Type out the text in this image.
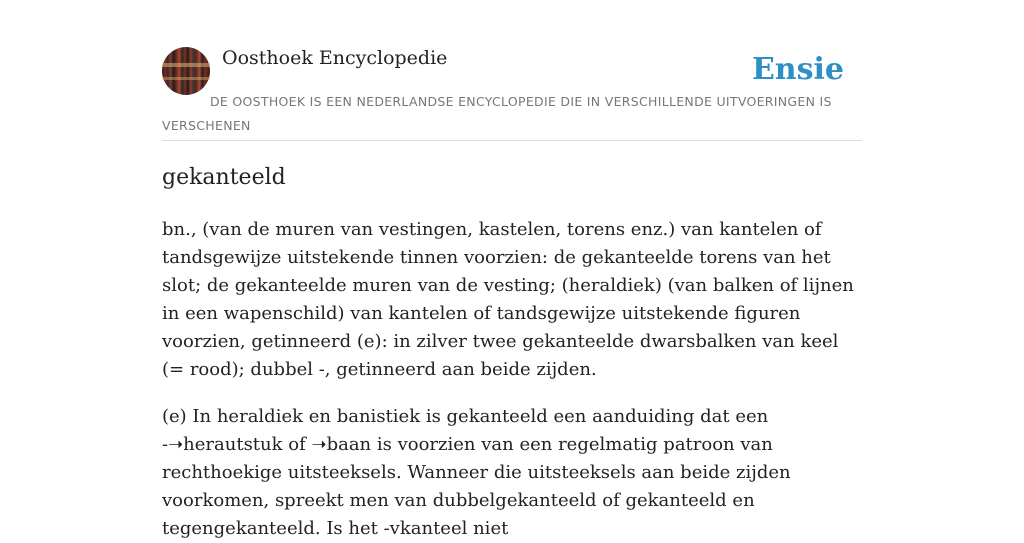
Oosthoek Encyclopedie	Ensie
DE OOSTHOEK IS EEN NEDERLANDSE ENCYCLOPEDIE DIE IN VERSCHILLENDE UITVOERINGEN IS VERSCHENEN
gekanteeld

bn., (van de muren van vestingen, kastelen, torens enz.) van kantelen of tandsgewijze uitstekende tinnen voorzien: de gekanteelde torens van het slot; de gekanteelde muren van de vesting; (heraldiek) (van balken of lijnen in een wapenschild) van kantelen of tandsgewijze uitstekende figuren voorzien, getinneerd (e): in zilver twee gekanteelde dwarsbalken van keel (= rood); dubbel -, getinneerd aan beide zijden.

(e) In heraldiek en banistiek is gekanteeld een aanduiding dat een -➝herautstuk of ➝baan is voorzien van een regelmatig patroon van rechthoekige uitsteeksels. Wanneer die uitsteeksels aan beide zijden voorkomen, spreekt men van dubbelgekanteeld of gekanteeld en tegengekanteeld. Is het -vkanteel niet
